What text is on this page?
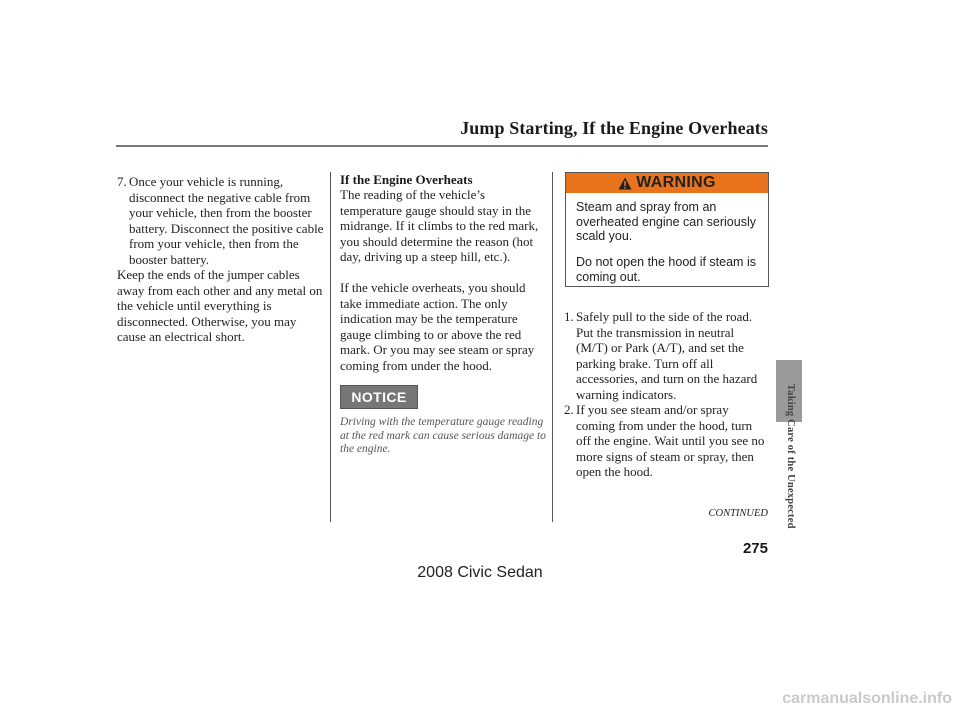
Jump Starting, If the Engine Overheats
7. Once your vehicle is running, disconnect the negative cable from your vehicle, then from the booster battery. Disconnect the positive cable from your vehicle, then from the booster battery.
Keep the ends of the jumper cables away from each other and any metal on the vehicle until everything is disconnected. Otherwise, you may cause an electrical short.
If the Engine Overheats
The reading of the vehicle’s temperature gauge should stay in the midrange. If it climbs to the red mark, you should determine the reason (hot day, driving up a steep hill, etc.).
If the vehicle overheats, you should take immediate action. The only indication may be the temperature gauge climbing to or above the red mark. Or you may see steam or spray coming from under the hood.
NOTICE
Driving with the temperature gauge reading at the red mark can cause serious damage to the engine.
WARNING
Steam and spray from an overheated engine can seriously scald you.
Do not open the hood if steam is coming out.
1. Safely pull to the side of the road. Put the transmission in neutral (M/T) or Park (A/T), and set the parking brake. Turn off all accessories, and turn on the hazard warning indicators.
2. If you see steam and/or spray coming from under the hood, turn off the engine. Wait until you see no more signs of steam or spray, then open the hood.
CONTINUED Taking Care of the Unexpected
275
2008 Civic Sedan
carmanualsonline.info
